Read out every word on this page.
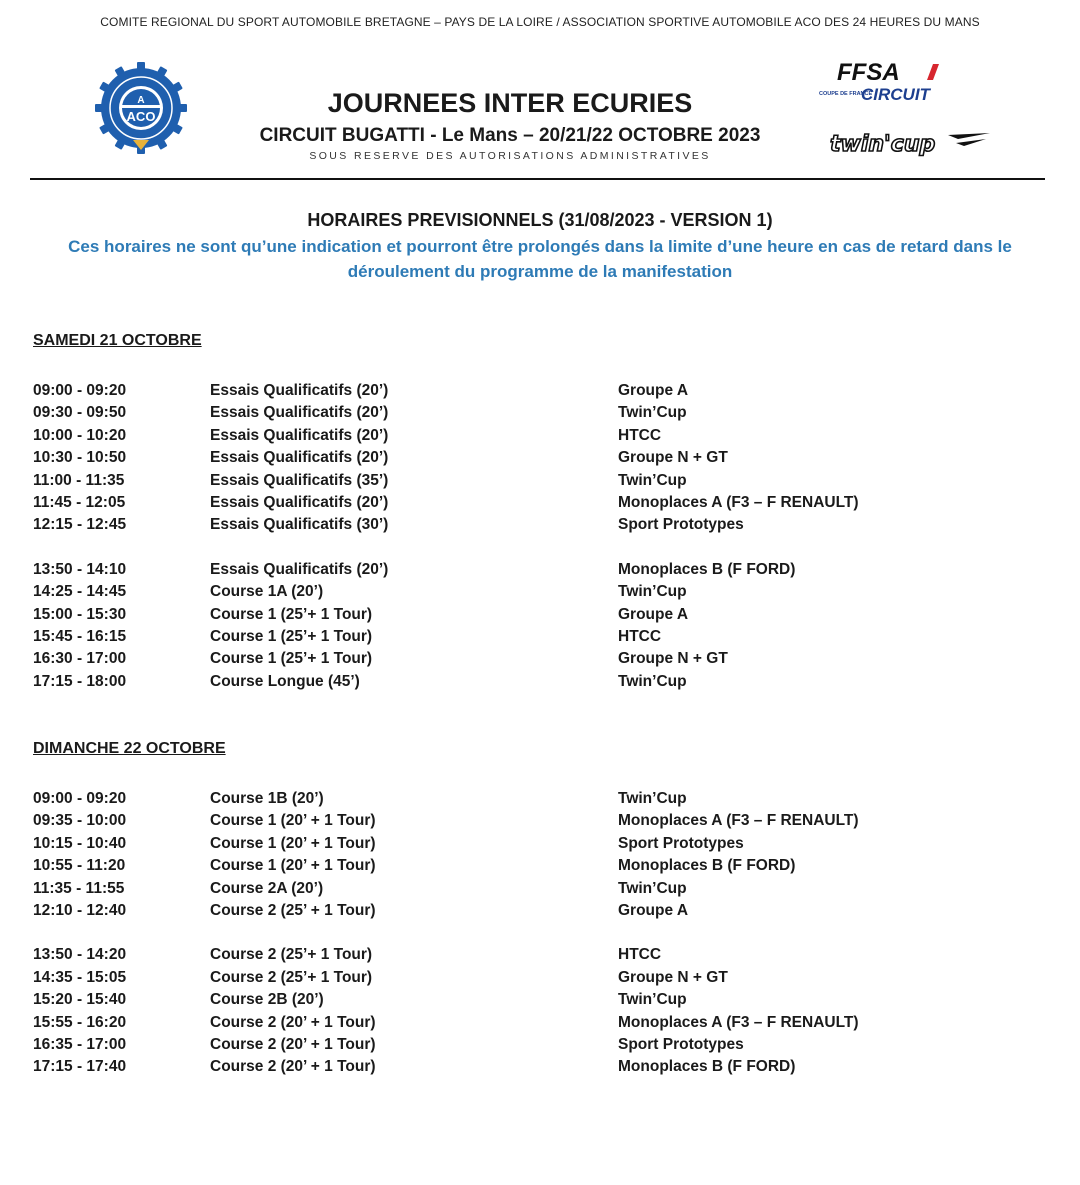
COMITE REGIONAL DU SPORT AUTOMOBILE BRETAGNE – PAYS DE LA LOIRE / ASSOCIATION SPORTIVE AUTOMOBILE ACO DES 24 HEURES DU MANS
A
ACO	JOURNEES INTER ECURIES
CIRCUIT BUGATTI - Le Mans – 20/21/22 OCTOBRE 2023
SOUS RESERVE DES AUTORISATIONS ADMINISTRATIVES
FFSA
COUPE DE FRANCE
CIRCUIT
twin'cup
HORAIRES PREVISIONNELS (31/08/2023 - VERSION 1)
Ces horaires ne sont qu’une indication et pourront être prolongés dans la limite d’une heure en cas de retard dans le déroulement du programme de la manifestation
SAMEDI 21 OCTOBRE
09:00 - 09:20	Essais Qualificatifs (20’)	Groupe A
09:30 - 09:50	Essais Qualificatifs (20’)	Twin’Cup
10:00 - 10:20	Essais Qualificatifs (20’)	HTCC
10:30 - 10:50	Essais Qualificatifs (20’)	Groupe N + GT
11:00 - 11:35	Essais Qualificatifs (35’)	Twin’Cup
11:45 - 12:05	Essais Qualificatifs (20’)	Monoplaces A (F3 – F RENAULT)
12:15 - 12:45	Essais Qualificatifs (30’)	Sport Prototypes
13:50 - 14:10	Essais Qualificatifs (20’)	Monoplaces B (F FORD)
14:25 - 14:45	Course 1A (20’)	Twin’Cup
15:00 - 15:30	Course 1 (25’+ 1 Tour)	Groupe A
15:45 - 16:15	Course 1 (25’+ 1 Tour)	HTCC
16:30 - 17:00	Course 1 (25’+ 1 Tour)	Groupe N + GT
17:15 - 18:00	Course Longue (45’)	Twin’Cup
DIMANCHE 22 OCTOBRE
09:00 - 09:20	Course 1B (20’)	Twin’Cup
09:35 - 10:00	Course 1 (20’ + 1 Tour)	Monoplaces A (F3 – F RENAULT)
10:15 - 10:40	Course 1 (20’ + 1 Tour)	Sport Prototypes
10:55 - 11:20	Course 1 (20’ + 1 Tour)	Monoplaces B (F FORD)
11:35 - 11:55	Course 2A (20’)	Twin’Cup
12:10 - 12:40	Course 2 (25’ + 1 Tour)	Groupe A
13:50 - 14:20	Course 2 (25’+ 1 Tour)	HTCC
14:35 - 15:05	Course 2 (25’+ 1 Tour)	Groupe N + GT
15:20 - 15:40	Course 2B (20’)	Twin’Cup
15:55 - 16:20	Course 2 (20’ + 1 Tour)	Monoplaces A (F3 – F RENAULT)
16:35 - 17:00	Course 2 (20’ + 1 Tour)	Sport Prototypes
17:15 - 17:40	Course 2 (20’ + 1 Tour)	Monoplaces B (F FORD)
